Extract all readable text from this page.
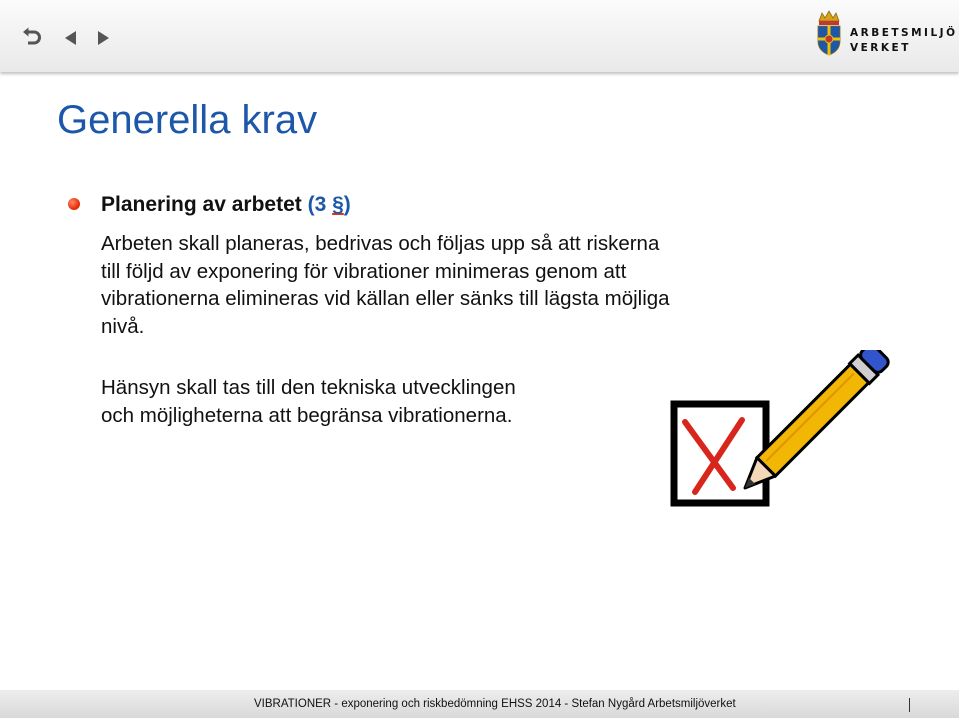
ARBETSMILJÖ
VERKET
Generella krav

Planering av arbetet (3 §)

Arbeten skall planeras, bedrivas och följas upp så att riskerna
till följd av exponering för vibrationer minimeras genom att
vibrationerna elimineras vid källan eller sänks till lägsta möjliga
nivå.
Hänsyn skall tas till den tekniska utvecklingen
och möjligheterna att begränsa vibrationerna.
VIBRATIONER - exponering och riskbedömning EHSS 2014 - Stefan Nygård Arbetsmiljöverket
